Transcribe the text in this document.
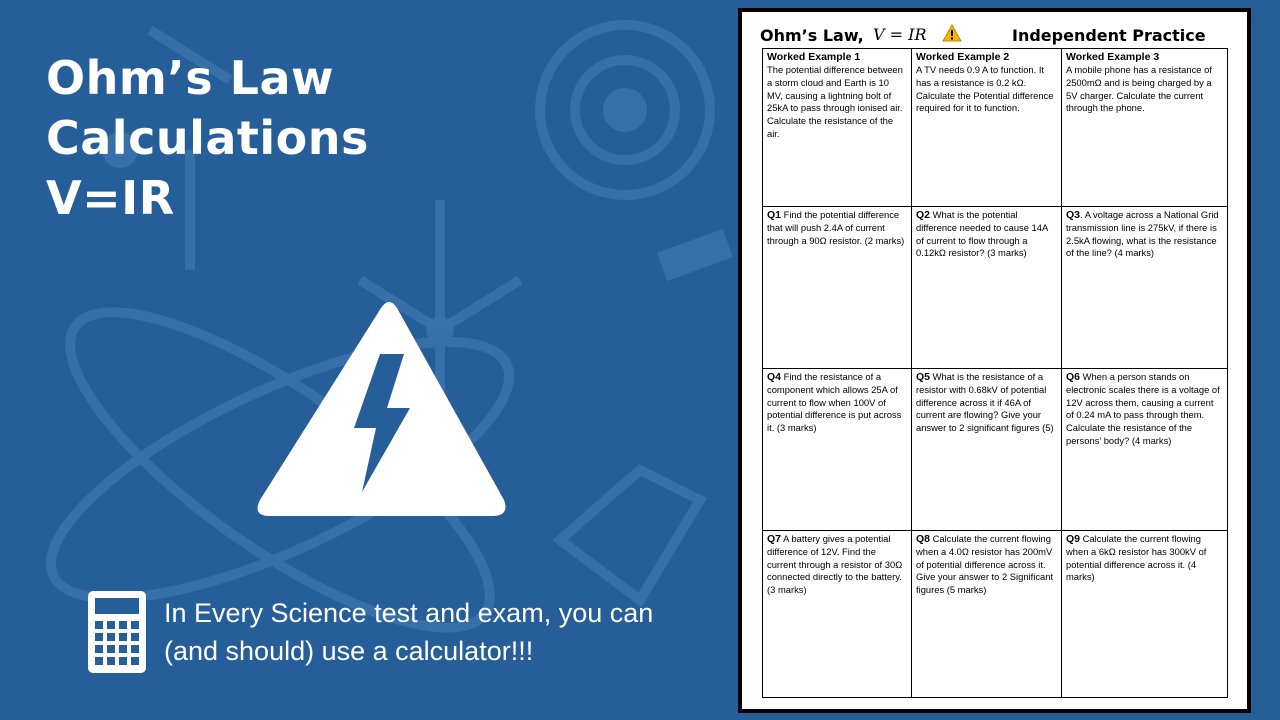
Ohm’s Law
Calculations
V=IR

In Every Science test and exam, you can (and should) use a calculator!!!

Ohm’s Law, V = IR	Independent Practice
Worked Example 1
The potential difference between a storm cloud and Earth is 10 MV, causing a lightning bolt of 25kA to pass through ionised air. Calculate the resistance of the air.
Worked Example 2
A TV needs 0.9 A to function. It has a resistance is 0.2 kΩ. Calculate the Potential difference required for it to function.
Worked Example 3
A mobile phone has a resistance of 2500mΩ and is being charged by a 5V charger. Calculate the current through the phone.
Q1 Find the potential difference that will push 2.4A of current through a 90Ω resistor. (2 marks)
Q2 What is the potential difference needed to cause 14A of current to flow through a 0.12kΩ resistor? (3 marks)
Q3. A voltage across a National Grid transmission line is 275kV, if there is 2.5kA flowing, what is the resistance of the line? (4 marks)
Q4 Find the resistance of a component which allows 25A of current to flow when 100V of potential difference is put across it. (3 marks)
Q5 What is the resistance of a resistor with 0.68kV of potential difference across it if 46A of current are flowing? Give your answer to 2 significant figures (5)
Q6 When a person stands on electronic scales there is a voltage of 12V across them, causing a current of 0.24 mA to pass through them. Calculate the resistance of the persons’ body? (4 marks)
Q7 A battery gives a potential difference of 12V. Find the current through a resistor of 30Ω connected directly to the battery. (3 marks)
Q8 Calculate the current flowing when a 4.0Ω resistor has 200mV of potential difference across it. Give your answer to 2 Significant figures (5 marks)
Q9 Calculate the current flowing when a 6kΩ resistor has 300kV of potential difference across it. (4 marks)
